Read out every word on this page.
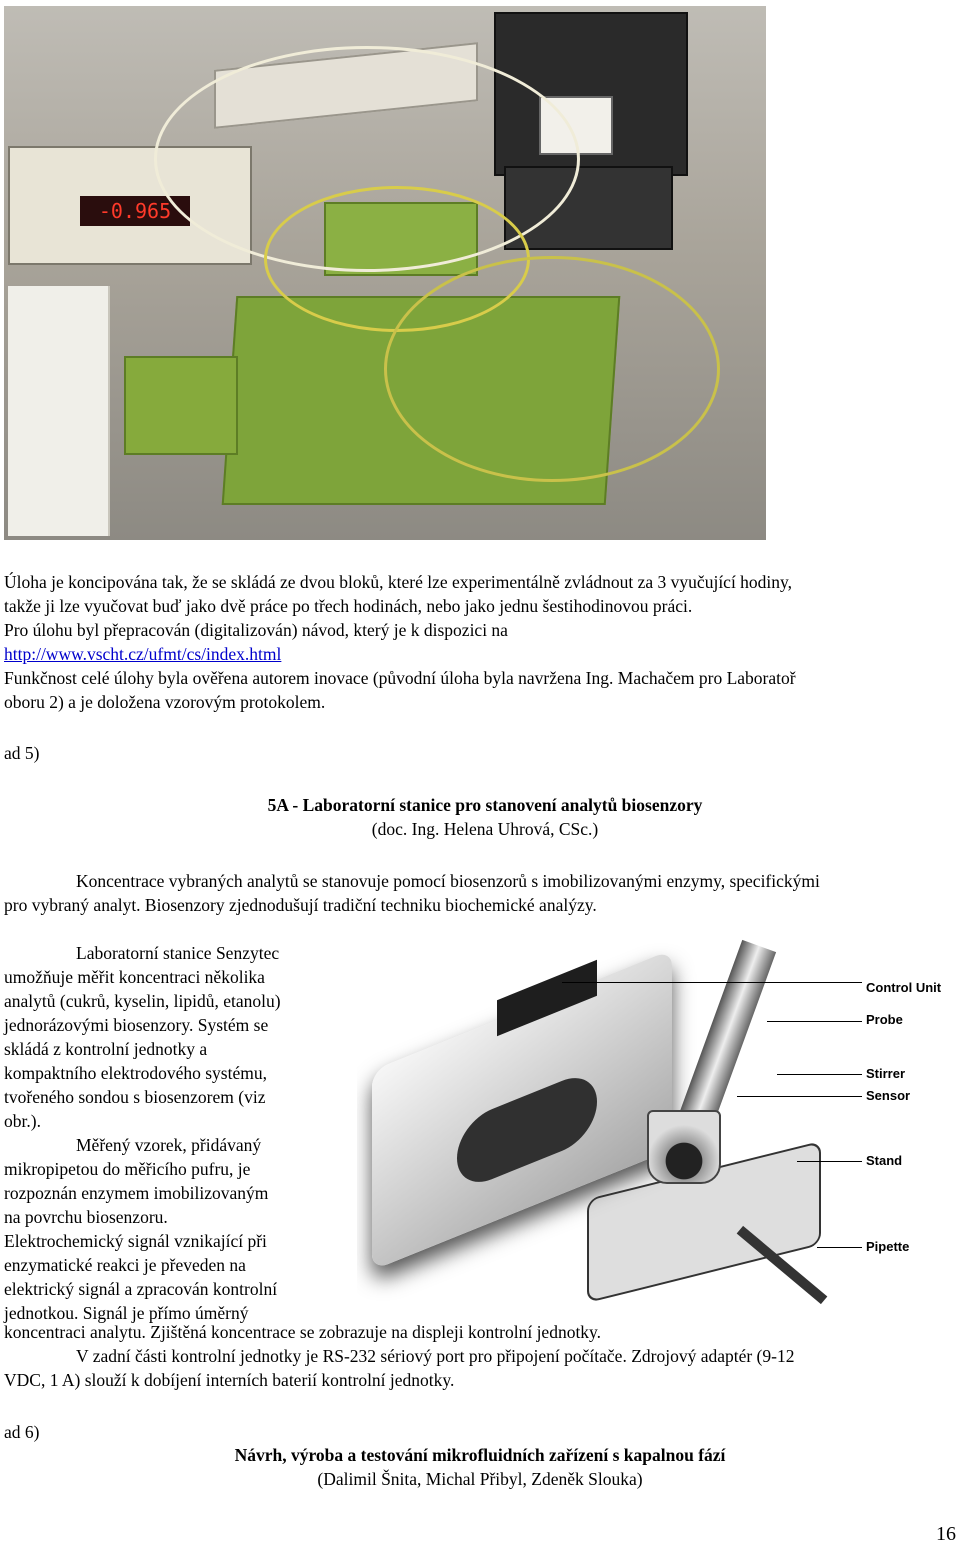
-0.965
Úloha je koncipována tak, že se skládá ze dvou bloků, které lze experimentálně zvládnout za 3 vyučující hodiny,
takže ji lze vyučovat buď jako dvě práce po třech hodinách, nebo jako jednu šestihodinovou práci.
Pro úlohu byl přepracován (digitalizován) návod, který je k dispozici na
http://www.vscht.cz/ufmt/cs/index.html
Funkčnost celé úlohy byla ověřena autorem inovace (původní úloha byla navržena Ing. Machačem pro Laboratoř
oboru 2) a je doložena vzorovým protokolem.
ad 5)
5A - Laboratorní stanice pro stanovení analytů biosenzory
(doc. Ing. Helena Uhrová, CSc.)
Koncentrace vybraných analytů se stanovuje pomocí biosenzorů s imobilizovanými enzymy, specifickými
pro vybraný analyt. Biosenzory zjednodušují tradiční techniku biochemické analýzy.
Laboratorní stanice Senzytec
umožňuje měřit koncentraci několika
analytů (cukrů, kyselin, lipidů, etanolu)
jednorázovými biosenzory. Systém se
skládá z kontrolní jednotky a
kompaktního elektrodového systému,
tvořeného sondou s biosenzorem (viz
obr.).
Měřený vzorek, přidávaný
mikropipetou do měřicího pufru, je
rozpoznán enzymem imobilizovaným
na povrchu biosenzoru.
Elektrochemický signál vznikající při
enzymatické reakci je převeden na
elektrický signál a zpracován kontrolní
jednotkou. Signál je přímo úměrný
Control Unit
Probe
Stirrer
Sensor
Stand
Pipette
koncentraci analytu. Zjištěná koncentrace se zobrazuje na displeji kontrolní jednotky.
V zadní části kontrolní jednotky je RS-232 sériový port pro připojení počítače. Zdrojový adaptér (9-12
VDC, 1 A) slouží k dobíjení interních baterií kontrolní jednotky.
ad 6)
Návrh, výroba a testování mikrofluidních zařízení s kapalnou fází
(Dalimil Šnita, Michal Přibyl, Zdeněk Slouka)
16
